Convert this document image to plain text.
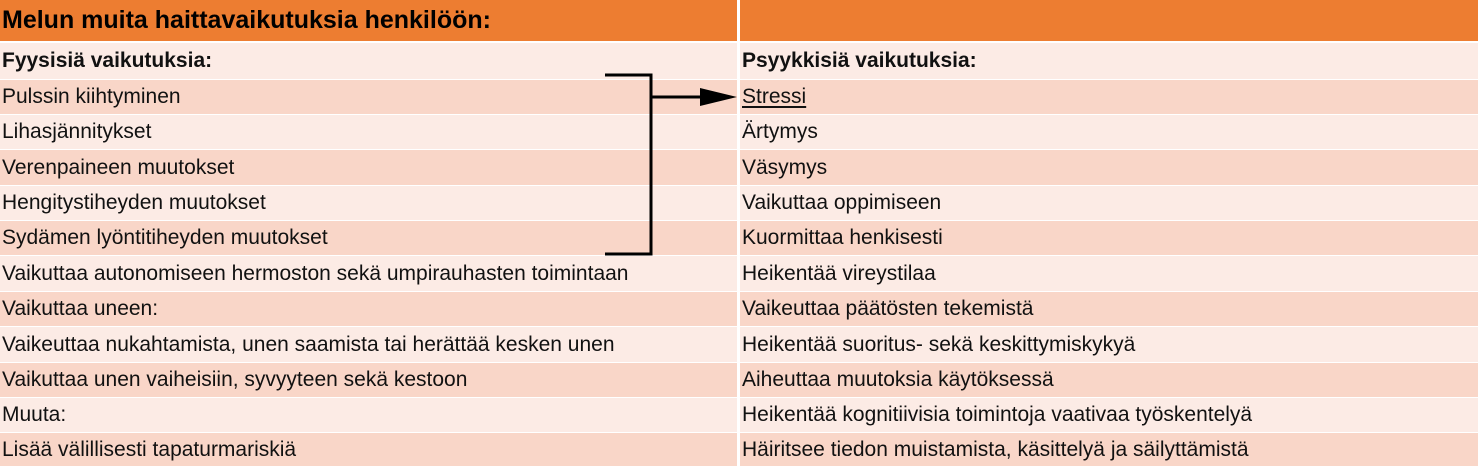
Melun muita haittavaikutuksia henkilöön:
Fyysisiä vaikutuksia:	Psyykkisiä vaikutuksia:
Pulssin kiihtyminen	Stressi
Lihasjännitykset	Ärtymys
Verenpaineen muutokset	Väsymys
Hengitystiheyden muutokset	Vaikuttaa oppimiseen
Sydämen lyöntitiheyden muutokset	Kuormittaa henkisesti
Vaikuttaa autonomiseen hermoston sekä umpirauhasten toimintaan	Heikentää vireystilaa
Vaikuttaa uneen:	Vaikeuttaa päätösten tekemistä
Vaikeuttaa nukahtamista, unen saamista tai herättää kesken unen	Heikentää suoritus- sekä keskittymiskykyä
Vaikuttaa unen vaiheisiin, syvyyteen sekä kestoon	Aiheuttaa muutoksia käytöksessä
Muuta:	Heikentää kognitiivisia toimintoja vaativaa työskentelyä
Lisää välillisesti tapaturmariskiä	Häiritsee tiedon muistamista, käsittelyä ja säilyttämistä
